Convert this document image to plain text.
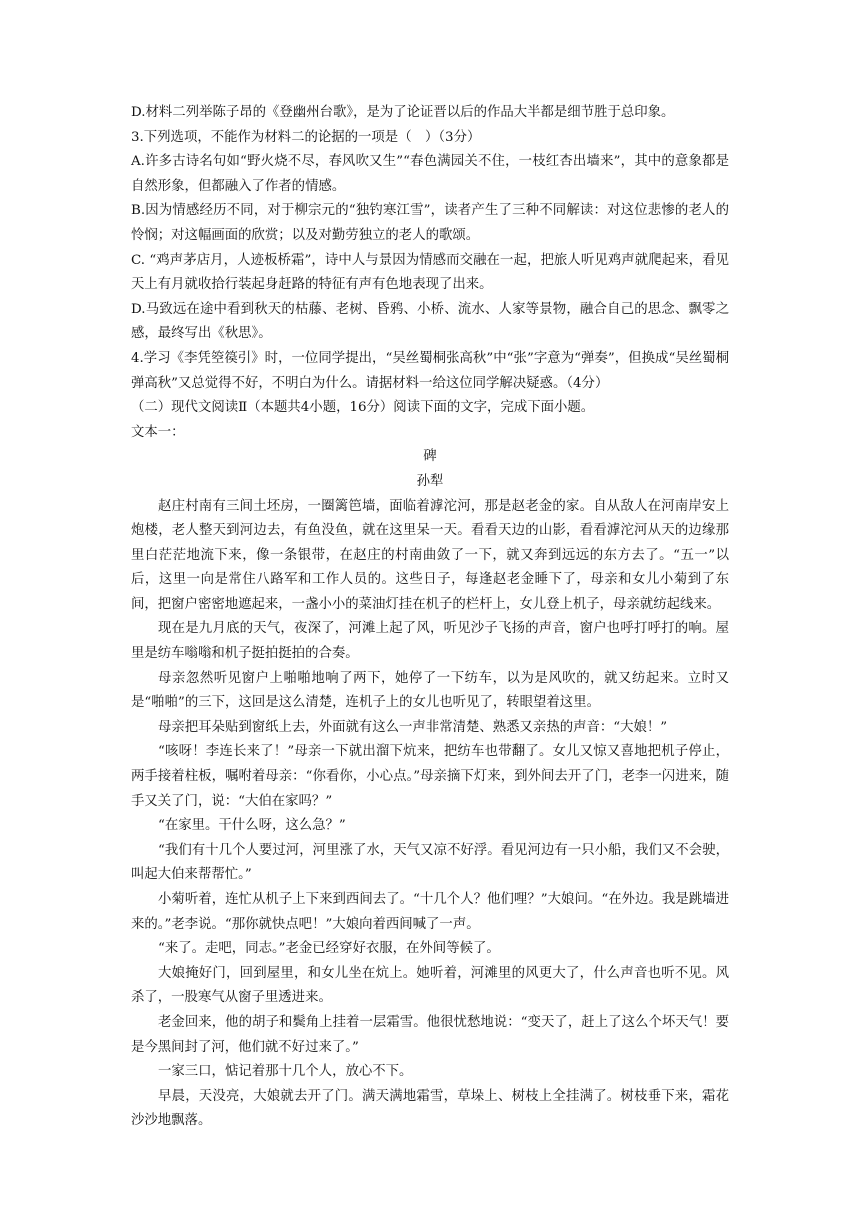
D.材料二列举陈子昂的《登幽州台歌》，是为了论证晋以后的作品大半都是细节胜于总印象。

3.下列选项，不能作为材料二的论据的一项是（　）（3分）

A.许多古诗名句如“野火烧不尽，春风吹又生”“春色满园关不住，一枝红杏出墙来”，其中的意象都是自然形象，但都融入了作者的情感。

B.因为情感经历不同，对于柳宗元的“独钓寒江雪”，读者产生了三种不同解读：对这位悲惨的老人的怜悯；对这幅画面的欣赏；以及对勤劳独立的老人的歌颂。

C. “鸡声茅店月，人迹板桥霜”，诗中人与景因为情感而交融在一起，把旅人听见鸡声就爬起来，看见天上有月就收拾行装起身赶路的特征有声有色地表现了出来。

D.马致远在途中看到秋天的枯藤、老树、昏鸦、小桥、流水、人家等景物，融合自己的思念、飘零之感，最终写出《秋思》。

4.学习《李凭箜篌引》时，一位同学提出，“吴丝蜀桐张高秋”中“张”字意为“弹奏”，但换成“吴丝蜀桐弹高秋”又总觉得不好，不明白为什么。请据材料一给这位同学解决疑惑。（4分）

（二）现代文阅读Ⅱ（本题共4小题，16分）阅读下面的文字，完成下面小题。

文本一：

碑

孙犁

赵庄村南有三间土坯房，一圈篱笆墙，面临着滹沱河，那是赵老金的家。自从敌人在河南岸安上炮楼，老人整天到河边去，有鱼没鱼，就在这里呆一天。看看天边的山影，看看滹沱河从天的边缘那里白茫茫地流下来，像一条银带，在赵庄的村南曲敛了一下，就又奔到远远的东方去了。“五一”以后，这里一向是常住八路军和工作人员的。这些日子，每逢赵老金睡下了，母亲和女儿小菊到了东间，把窗户密密地遮起来，一盏小小的菜油灯挂在机子的栏杆上，女儿登上机子，母亲就纺起线来。

现在是九月底的天气，夜深了，河滩上起了风，听见沙子飞扬的声音，窗户也呼打呼打的响。屋里是纺车嗡嗡和机子挺拍挺拍的合奏。

母亲忽然听见窗户上啪啪地响了两下，她停了一下纺车，以为是风吹的，就又纺起来。立时又是“啪啪”的三下，这回是这么清楚，连机子上的女儿也听见了，转眼望着这里。

母亲把耳朵贴到窗纸上去，外面就有这么一声非常清楚、熟悉又亲热的声音：“大娘！”

“咳呀！李连长来了！”母亲一下就出溜下炕来，把纺车也带翻了。女儿又惊又喜地把机子停止，两手接着柱板，嘱咐着母亲：“你看你，小心点。”母亲摘下灯来，到外间去开了门，老李一闪进来，随手又关了门，说：“大伯在家吗？”

“在家里。干什么呀，这么急？”

“我们有十几个人要过河，河里涨了水，天气又凉不好浮。看见河边有一只小船，我们又不会驶，叫起大伯来帮帮忙。”

小菊听着，连忙从机子上下来到西间去了。“十几个人？他们哩？”大娘问。“在外边。我是跳墙进来的。”老李说。“那你就快点吧！”大娘向着西间喊了一声。

“来了。走吧，同志。”老金已经穿好衣服，在外间等候了。

大娘掩好门，回到屋里，和女儿坐在炕上。她听着，河滩里的风更大了，什么声音也听不见。风杀了，一股寒气从窗子里透进来。

老金回来，他的胡子和鬓角上挂着一层霜雪。他很忧愁地说：“变天了，赶上了这么个坏天气！要是今黑间封了河，他们就不好过来了。”

一家三口，惦记着那十几个人，放心不下。

早晨，天没亮，大娘就去开了门。满天满地霜雪，草垛上、树枝上全挂满了。树枝垂下来，霜花沙沙地飘落。
